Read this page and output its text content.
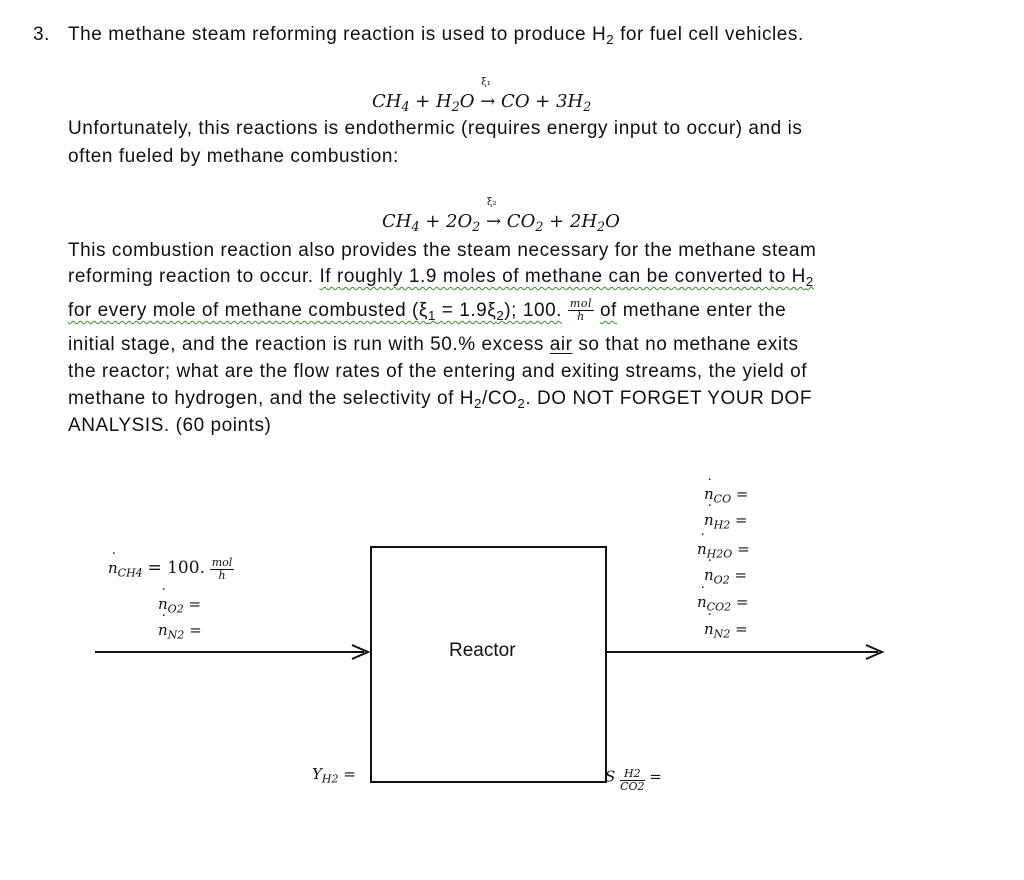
3. The methane steam reforming reaction is used to produce $H_2$ for fuel cell vehicles.
$CH_4 + H_2O$ →
ξ₁
CO + $3H_2$
Unfortunately, this reactions is endothermic (requires energy input to occur) and is
often fueled by methane combustion:
$CH_4 + 2O_2$ →
ξ₂
$CO_2 + 2H_2O$
This combustion reaction also provides the steam necessary for the methane steam
reforming reaction to occur. If roughly 1.9 moles of methane can be converted to $H_2$
for every mole of methane combusted $(\xi_1 = 1.9\xi_2)$; 100. $\frac{\text{mol}}{h}$ of methane enter the
initial stage, and the reaction is run with 50.% excess air so that no methane exits
the reactor; what are the flow rates of the entering and exiting streams, the yield of
methane to hydrogen, and the selectivity of $H_2/CO_2$. DO NOT FORGET YOUR DOF
ANALYSIS. (60 points)
Reactor
˙ $n_{CH4} = 100$. $\frac{\text{mol}}{h}$
˙ $n_{O2}$ =
˙ $n_{N2}$ =
˙ $n_{CO}$ =
˙ $n_{H2}$ =
˙ $n_{H2O}$ =
˙ $n_{O2}$ =
˙ $n_{CO2}$ =
˙ $n_{N2}$ =
$Y_{H2}$ =	S $\frac{H2}{CO2}$ =
